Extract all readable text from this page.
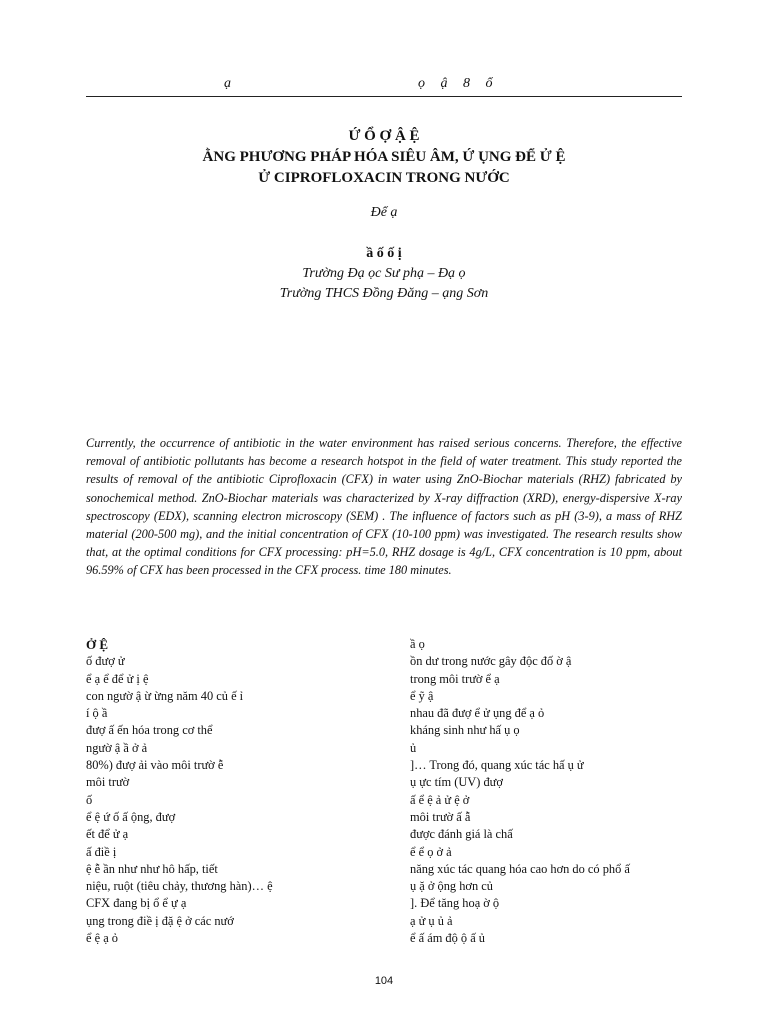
ạ	ọ ậ 8 ổ
Ứ Ổ Ợ Ậ Ệ
ẰNG PHƯƠNG PHÁP HÓA SIÊU ÂM, Ứ ỤNG ĐỂ Ử Ệ
Ử CIPROFLOXACIN TRONG NƯỚC
Để ạ
ầ ố ố ị
Trường Đạ ọc Sư phạ – Đạ ọ
Trường THCS Đồng Đăng – ạng Sơn

Currently, the occurrence of antibiotic in the water environment has raised serious concerns. Therefore, the effective removal of antibiotic pollutants has become a research hotspot in the field of water treatment. This study reported the results of removal of the antibiotic Ciprofloxacin (CFX) in water using ZnO-Biochar materials (RHZ) fabricated by sonochemical method. ZnO-Biochar materials was characterized by X-ray diffraction (XRD), energy-dispersive X-ray spectroscopy (EDX), scanning electron microscopy (SEM) . The influence of factors such as pH (3-9), a mass of RHZ material (200-500 mg), and the initial concentration of CFX (10-100 ppm) was investigated. The research results show that, at the optimal conditions for CFX processing: pH=5.0, RHZ dosage is 4g/L, CFX concentration is 10 ppm, about 96.59% of CFX has been processed in the CFX process. time 180 minutes.

Ở Ệ
ố đượ ử
ể ạ ể để ử ị ệ
con ngườ ậ ừ ừng năm 40 củ ế ỉ
í ộ ầ
đượ ấ ến hóa trong cơ thể
ngườ ậ ầ ở ả
80%) đượ ải vào môi trườ ễ
môi trườ
ố
ể ệ ứ ố ấ ộng, đượ
ết để ử ạ
ấ điề ị
ệ ễ ần như như hô hấp, tiết
niệu, ruột (tiêu chảy, thương hàn)… ệ
CFX đang bị ổ ể ự ạ
ụng trong điề ị đặ ệ ở các nướ
ể ệ ạ ỏ
ầ ọ
ồn dư trong nước gây độc đố ờ ậ
trong môi trườ ể ạ
ể ỹ ậ
nhau đã đượ ể ử ụng để ạ ỏ
kháng sinh như hấ ụ ọ
ủ
]… Trong đó, quang xúc tác hấ ụ ử
ụ ực tím (UV) đượ
ấ ể ệ ả ử ệ ở
môi trườ ấ ẫ
được đánh giá là chấ
ể ể ọ ở ả
năng xúc tác quang hóa cao hơn do có phổ ấ
ụ ặ ở ộng hơn củ
]. Để tăng hoạ ờ ộ
ạ ử ụ ủ ả
ể ấ ám độ ộ ấ ủ
104
